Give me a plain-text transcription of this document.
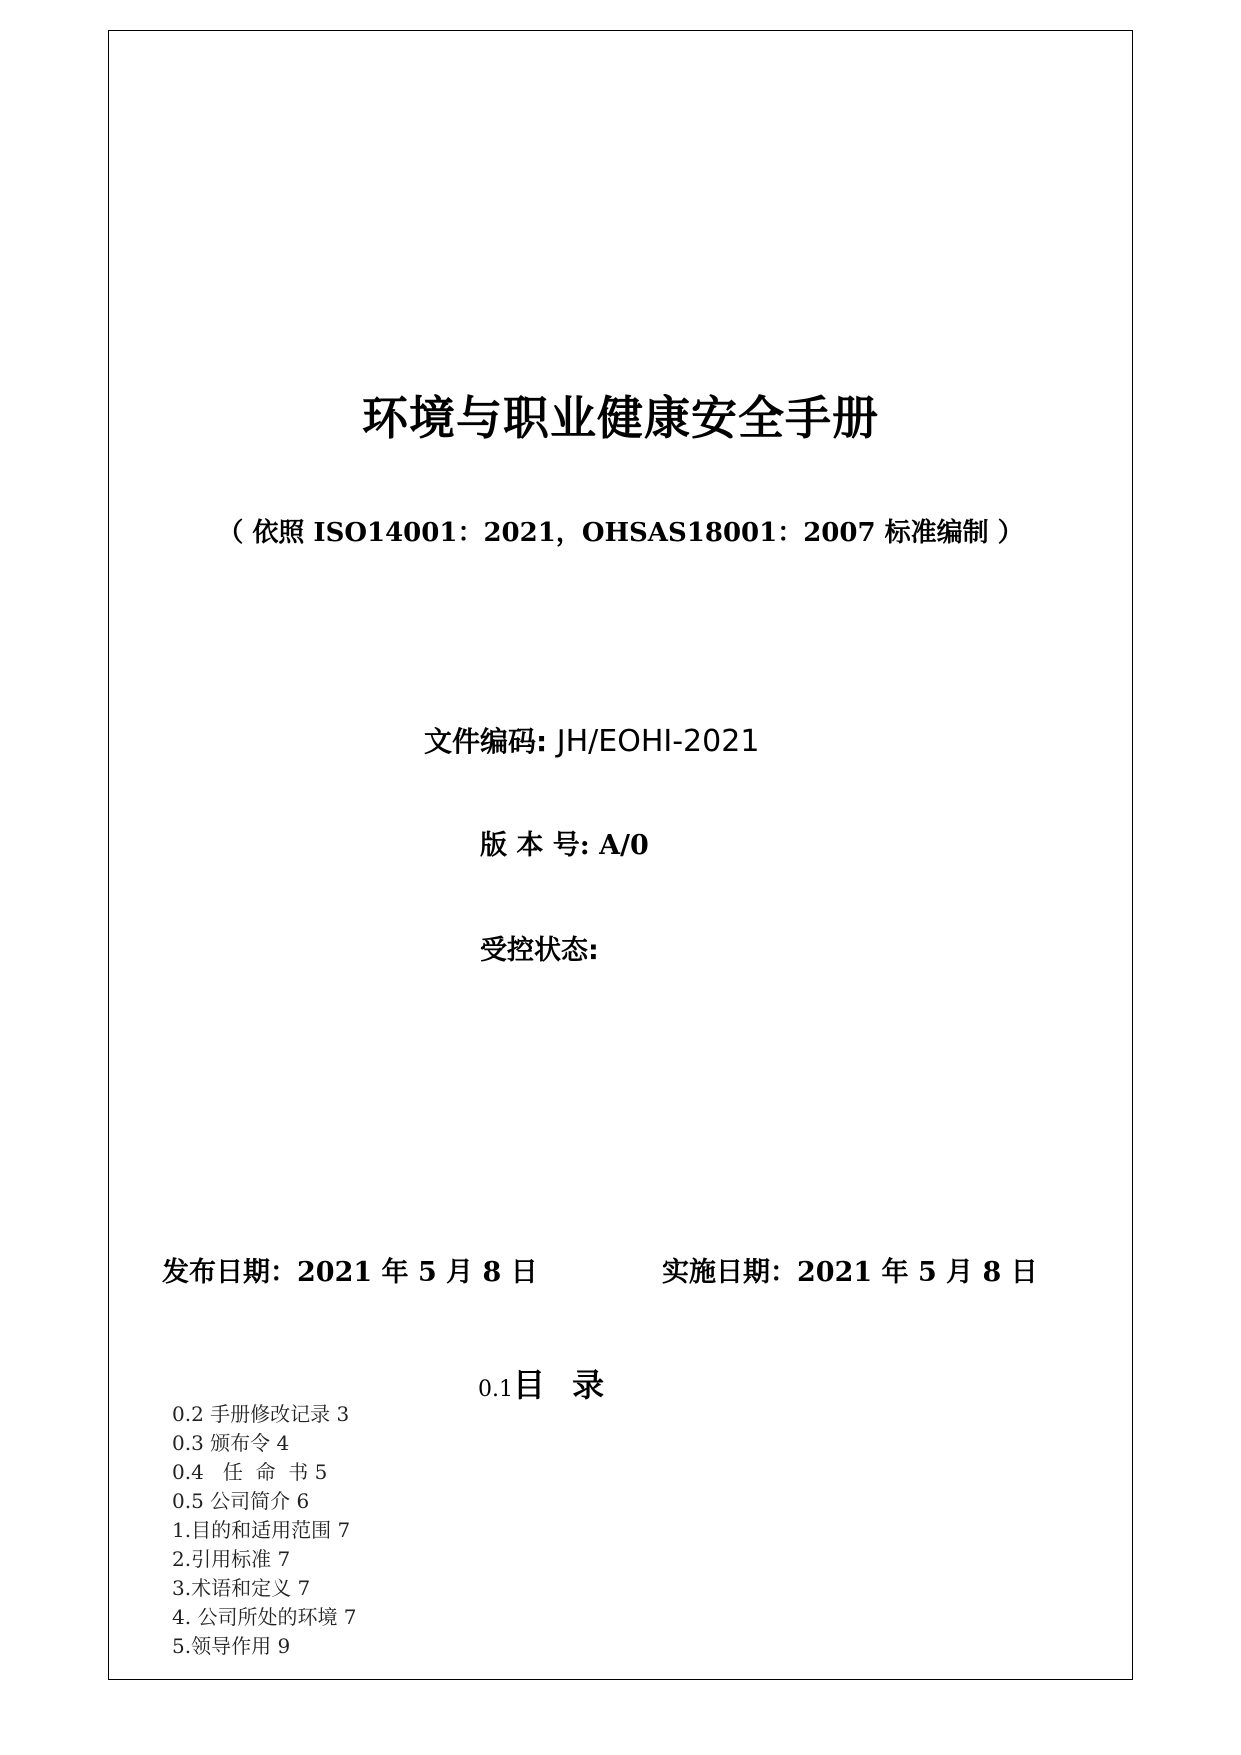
环境与职业健康安全手册
（ 依照 ISO14001：2021，OHSAS18001：2007 标准编制 ）
文件编码: JH/EOHⅠ-2021
版 本 号: A/0
受控状态:
发布日期：2021 年 5 月 8 日	实施日期：2021 年 5 月 8 日
0.1目 录
0.2 手册修改记录 3
0.3 颁布令 4
0.4   任  命  书 5
0.5 公司简介 6
1.目的和适用范围 7
2.引用标准 7
3.术语和定义 7
4. 公司所处的环境 7
5.领导作用 9
